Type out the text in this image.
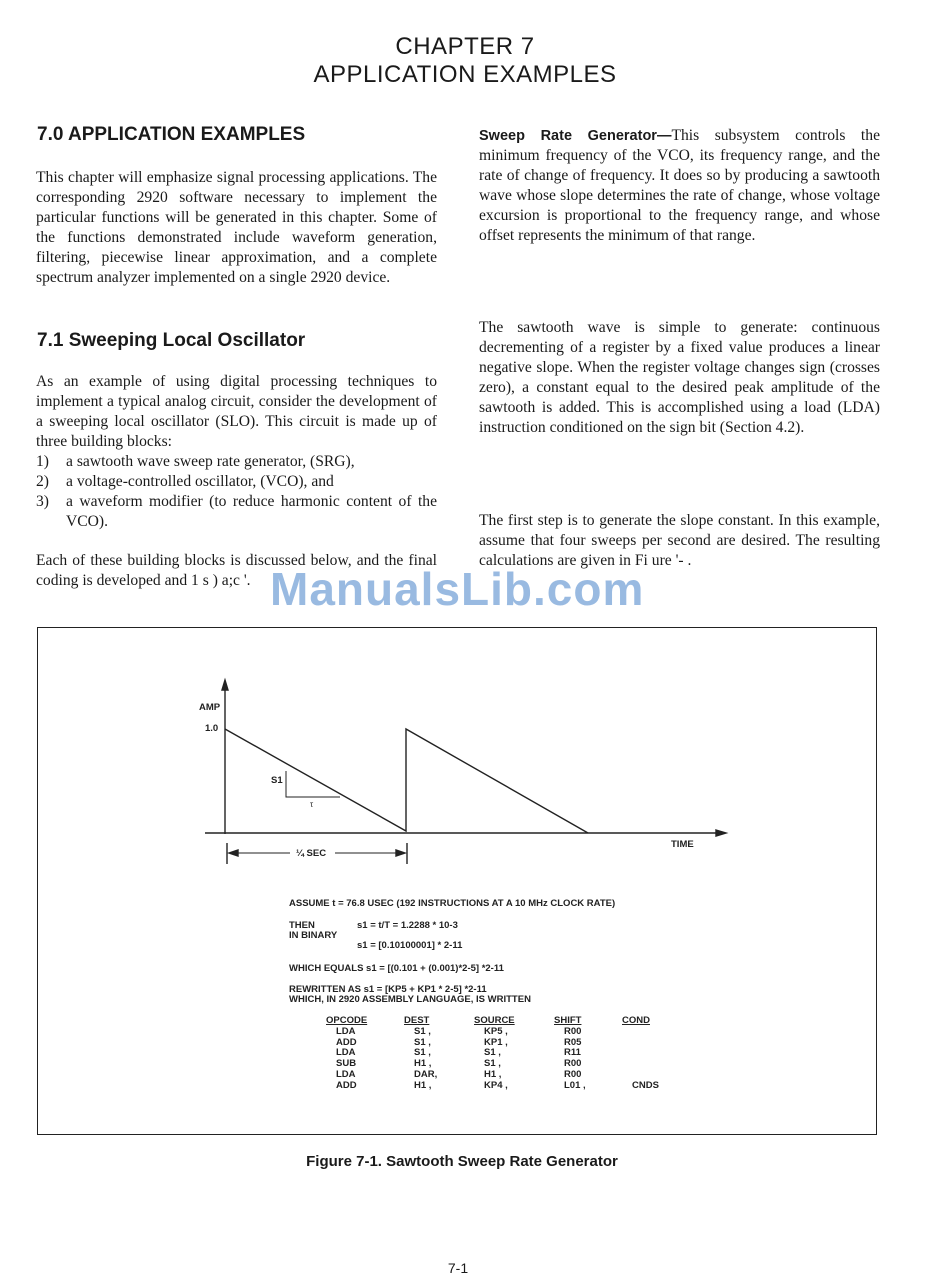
CHAPTER 7
APPLICATION EXAMPLES
7.0 APPLICATION EXAMPLES
This chapter will emphasize signal processing applications. The corresponding 2920 software necessary to implement the particular functions will be generated in this chapter. Some of the functions demonstrated include waveform generation, filtering, piecewise linear approximation, and a complete spectrum analyzer implemented on a single 2920 device.
7.1 Sweeping Local Oscillator
As an example of using digital processing techniques to implement a typical analog circuit, consider the development of a sweeping local oscillator (SLO). This circuit is made up of three building blocks:
1)	a sawtooth wave sweep rate generator, (SRG),
2)	a voltage-controlled oscillator, (VCO), and
3)	a waveform modifier (to reduce harmonic content of the VCO).
Each of these building blocks is discussed below, and the final coding is developed and 1 s ) a;c '.
Sweep Rate Generator—This subsystem controls the minimum frequency of the VCO, its frequency range, and the rate of change of frequency. It does so by producing a sawtooth wave whose slope determines the rate of change, whose voltage excursion is proportional to the frequency range, and whose offset represents the minimum of that range.
The sawtooth wave is simple to generate: continuous decrementing of a register by a fixed value produces a linear negative slope. When the register voltage changes sign (crosses zero), a constant equal to the desired peak amplitude of the sawtooth is added. This is accomplished using a load (LDA) instruction conditioned on the sign bit (Section 4.2).
The first step is to generate the slope constant. In this example, assume that four sweeps per second are desired. The resulting calculations are given in Fi ure '- .
ManualsLib.com
AMP
1.0
S1
τ
TIME
¼ SEC
ASSUME t = 76.8 USEC (192 INSTRUCTIONS AT A 10 MHz CLOCK RATE)
THEN
IN BINARY
s1 = t/T = 1.2288 * 10-3
s1 = [0.10100001] * 2-11
WHICH EQUALS s1 = [(0.101 + (0.001)*2-5] *2-11
REWRITTEN AS s1 = [KP5 + KP1 * 2-5] *2-11
WHICH, IN 2920 ASSEMBLY LANGUAGE, IS WRITTEN
OPCODE	DEST	SOURCE	SHIFT	COND
LDA	S1 ,	KP5 ,	R00
ADD	S1 ,	KP1 ,	R05
LDA	S1 ,	S1 ,	R11
SUB	H1 ,	S1 ,	R00
LDA	DAR,	H1 ,	R00
ADD	H1 ,	KP4 ,	L01 ,	CNDS
Figure 7-1. Sawtooth Sweep Rate Generator
7-1
